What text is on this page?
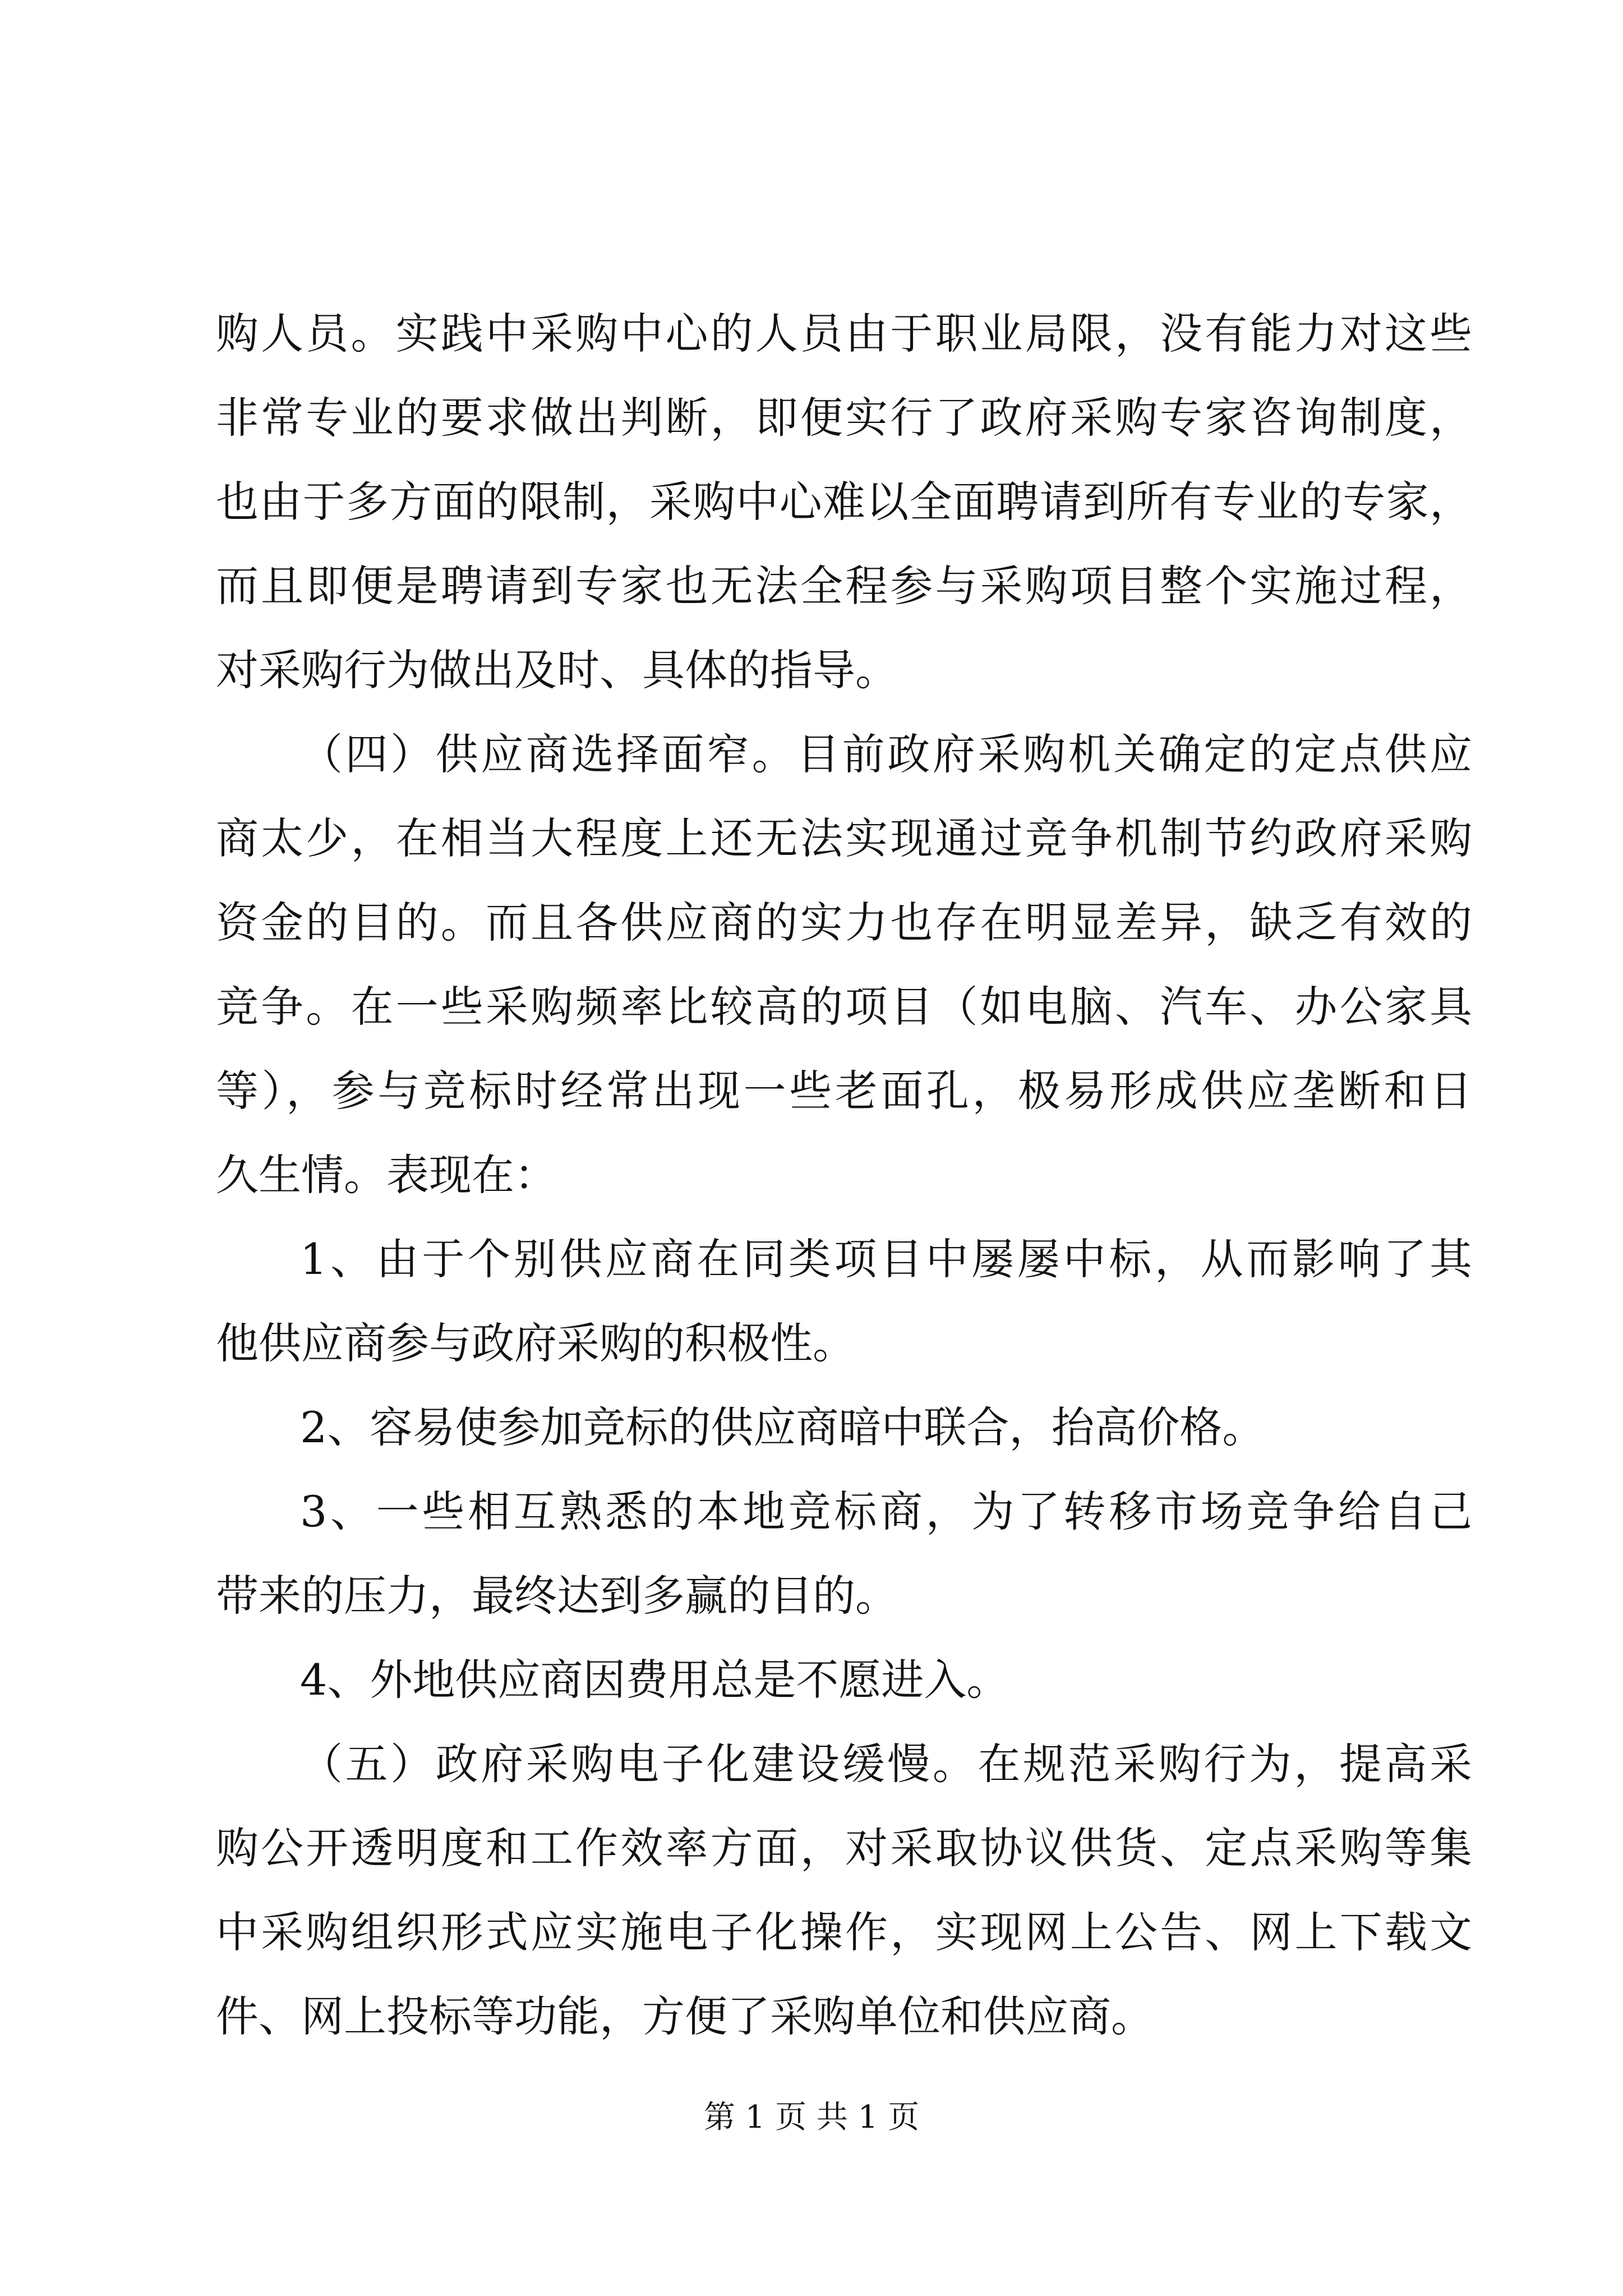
购人员。实践中采购中心的人员由于职业局限，没有能力对这些
非常专业的要求做出判断，即便实行了政府采购专家咨询制度，
也由于多方面的限制，采购中心难以全面聘请到所有专业的专家，
而且即便是聘请到专家也无法全程参与采购项目整个实施过程，
对采购行为做出及时、具体的指导。
（四）供应商选择面窄。目前政府采购机关确定的定点供应
商太少，在相当大程度上还无法实现通过竞争机制节约政府采购
资金的目的。而且各供应商的实力也存在明显差异，缺乏有效的
竞争。在一些采购频率比较高的项目（如电脑、汽车、办公家具
等），参与竞标时经常出现一些老面孔，极易形成供应垄断和日
久生情。表现在：
1、由于个别供应商在同类项目中屡屡中标，从而影响了其
他供应商参与政府采购的积极性。
2、容易使参加竞标的供应商暗中联合，抬高价格。
3、一些相互熟悉的本地竞标商，为了转移市场竞争给自己
带来的压力，最终达到多赢的目的。
4、外地供应商因费用总是不愿进入。
（五）政府采购电子化建设缓慢。在规范采购行为，提高采
购公开透明度和工作效率方面，对采取协议供货、定点采购等集
中采购组织形式应实施电子化操作，实现网上公告、网上下载文
件、网上投标等功能，方便了采购单位和供应商。
第 1 页 共 1 页
